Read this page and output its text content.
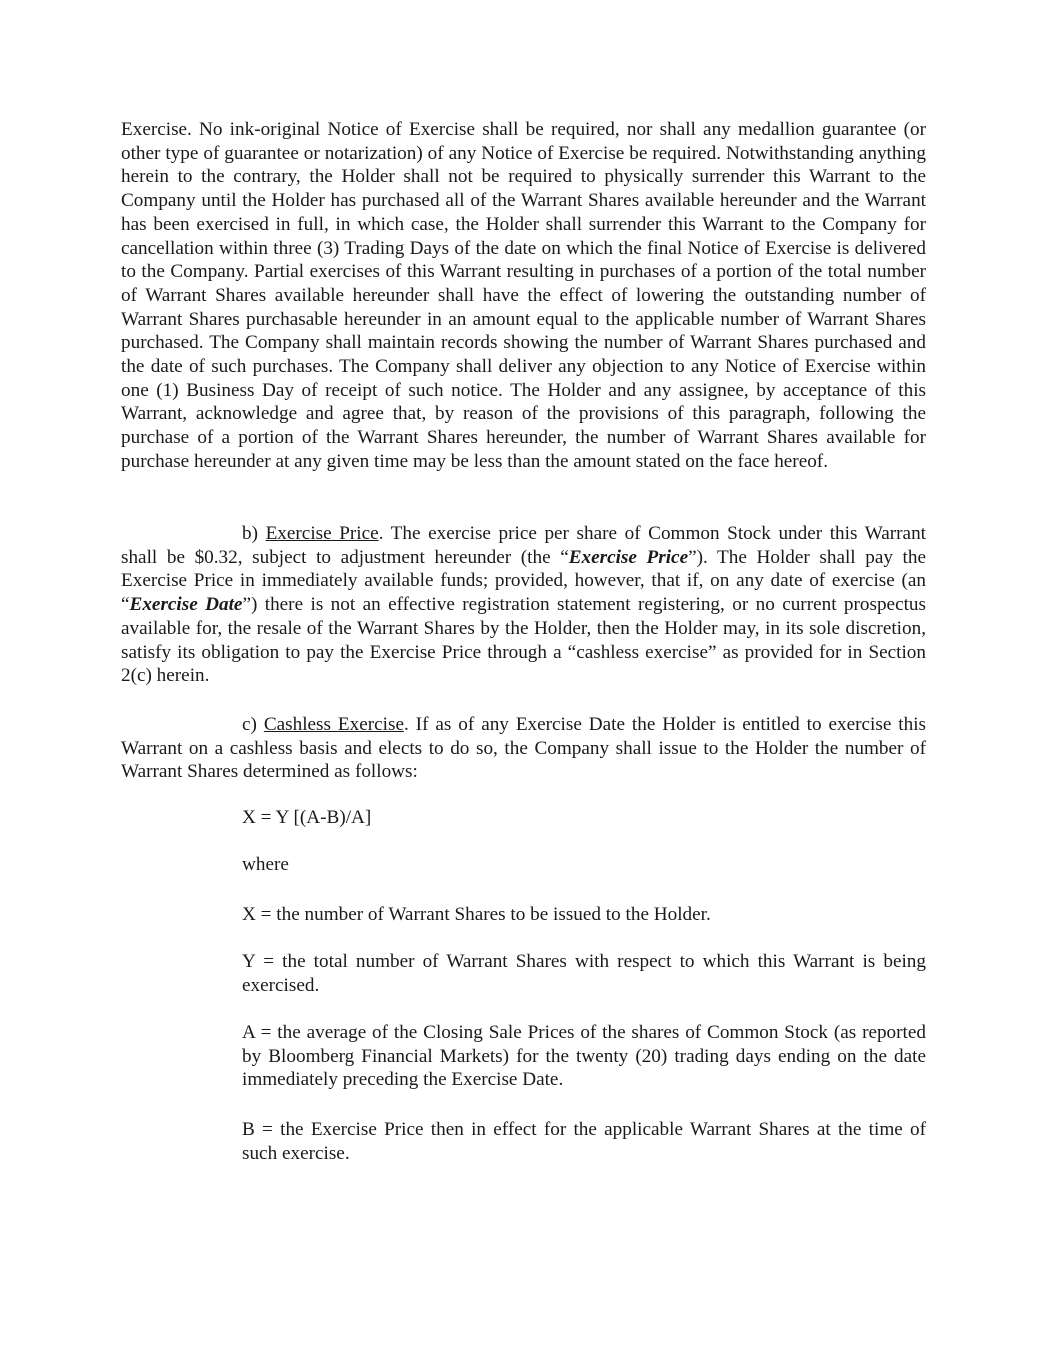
Exercise. No ink-original Notice of Exercise shall be required, nor shall any medallion guarantee (or other type of guarantee or notarization) of any Notice of Exercise be required. Notwithstanding anything herein to the contrary, the Holder shall not be required to physically surrender this Warrant to the Company until the Holder has purchased all of the Warrant Shares available hereunder and the Warrant has been exercised in full, in which case, the Holder shall surrender this Warrant to the Company for cancellation within three (3) Trading Days of the date on which the final Notice of Exercise is delivered to the Company. Partial exercises of this Warrant resulting in purchases of a portion of the total number of Warrant Shares available hereunder shall have the effect of lowering the outstanding number of Warrant Shares purchasable hereunder in an amount equal to the applicable number of Warrant Shares purchased. The Company shall maintain records showing the number of Warrant Shares purchased and the date of such purchases. The Company shall deliver any objection to any Notice of Exercise within one (1) Business Day of receipt of such notice. The Holder and any assignee, by acceptance of this Warrant, acknowledge and agree that, by reason of the provisions of this paragraph, following the purchase of a portion of the Warrant Shares hereunder, the number of Warrant Shares available for purchase hereunder at any given time may be less than the amount stated on the face hereof.

b) Exercise Price. The exercise price per share of Common Stock under this Warrant shall be $0.32, subject to adjustment hereunder (the “Exercise Price”). The Holder shall pay the Exercise Price in immediately available funds; provided, however, that if, on any date of exercise (an “Exercise Date”) there is not an effective registration statement registering, or no current prospectus available for, the resale of the Warrant Shares by the Holder, then the Holder may, in its sole discretion, satisfy its obligation to pay the Exercise Price through a “cashless exercise” as provided for in Section 2(c) herein.

c) Cashless Exercise. If as of any Exercise Date the Holder is entitled to exercise this Warrant on a cashless basis and elects to do so, the Company shall issue to the Holder the number of Warrant Shares determined as follows:

X = Y [(A-B)/A]
where
X = the number of Warrant Shares to be issued to the Holder.
Y = the total number of Warrant Shares with respect to which this Warrant is being exercised.
A = the average of the Closing Sale Prices of the shares of Common Stock (as reported by Bloomberg Financial Markets) for the twenty (20) trading days ending on the date immediately preceding the Exercise Date.
B = the Exercise Price then in effect for the applicable Warrant Shares at the time of such exercise.
